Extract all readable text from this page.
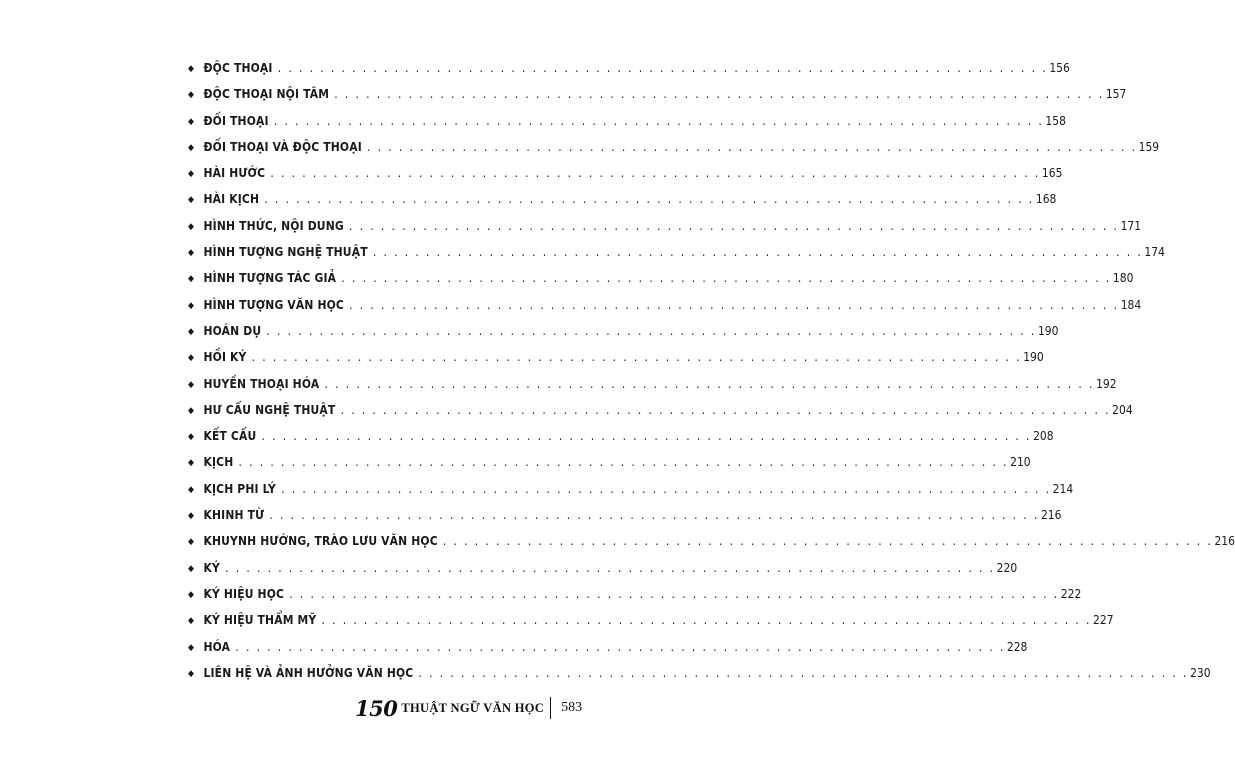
◆ ĐỘC THOẠI . . . . . . . . . . . . . . . . . . . . . . . . . . . . . . . . . . . . . . . . . . . . . . . . . . . . . . . . . . . . . . . . . . . . . . . . . 156
◆ ĐỘC THOẠI NỘI TÂM . . . . . . . . . . . . . . . . . . . . . . . . . . . . . . . . . . . . . . . . . . . . . . . . . . . . . . . . . . . . . . . . . . . . . . . . . 157
◆ ĐỐI THOẠI . . . . . . . . . . . . . . . . . . . . . . . . . . . . . . . . . . . . . . . . . . . . . . . . . . . . . . . . . . . . . . . . . . . . . . . . . 158
◆ ĐỐI THOẠI VÀ ĐỘC THOẠI . . . . . . . . . . . . . . . . . . . . . . . . . . . . . . . . . . . . . . . . . . . . . . . . . . . . . . . . . . . . . . . . . . . . . . . . . 159
◆ HÀI HƯỚC . . . . . . . . . . . . . . . . . . . . . . . . . . . . . . . . . . . . . . . . . . . . . . . . . . . . . . . . . . . . . . . . . . . . . . . . . 165
◆ HÀI KỊCH . . . . . . . . . . . . . . . . . . . . . . . . . . . . . . . . . . . . . . . . . . . . . . . . . . . . . . . . . . . . . . . . . . . . . . . . . 168
◆ HÌNH THỨC, NỘI DUNG . . . . . . . . . . . . . . . . . . . . . . . . . . . . . . . . . . . . . . . . . . . . . . . . . . . . . . . . . . . . . . . . . . . . . . . . . 171
◆ HÌNH TƯỢNG NGHỆ THUẬT . . . . . . . . . . . . . . . . . . . . . . . . . . . . . . . . . . . . . . . . . . . . . . . . . . . . . . . . . . . . . . . . . . . . . . . . . 174
◆ HÌNH TƯỢNG TÁC GIẢ . . . . . . . . . . . . . . . . . . . . . . . . . . . . . . . . . . . . . . . . . . . . . . . . . . . . . . . . . . . . . . . . . . . . . . . . . 180
◆ HÌNH TƯỢNG VĂN HỌC . . . . . . . . . . . . . . . . . . . . . . . . . . . . . . . . . . . . . . . . . . . . . . . . . . . . . . . . . . . . . . . . . . . . . . . . . 184
◆ HOÁN DỤ . . . . . . . . . . . . . . . . . . . . . . . . . . . . . . . . . . . . . . . . . . . . . . . . . . . . . . . . . . . . . . . . . . . . . . . . . 190
◆ HỒI KÝ . . . . . . . . . . . . . . . . . . . . . . . . . . . . . . . . . . . . . . . . . . . . . . . . . . . . . . . . . . . . . . . . . . . . . . . . . 190
◆ HUYỀN THOẠI HÓA . . . . . . . . . . . . . . . . . . . . . . . . . . . . . . . . . . . . . . . . . . . . . . . . . . . . . . . . . . . . . . . . . . . . . . . . . 192
◆ HƯ CẤU NGHỆ THUẬT . . . . . . . . . . . . . . . . . . . . . . . . . . . . . . . . . . . . . . . . . . . . . . . . . . . . . . . . . . . . . . . . . . . . . . . . . 204
◆ KẾT CẤU . . . . . . . . . . . . . . . . . . . . . . . . . . . . . . . . . . . . . . . . . . . . . . . . . . . . . . . . . . . . . . . . . . . . . . . . . 208
◆ KỊCH . . . . . . . . . . . . . . . . . . . . . . . . . . . . . . . . . . . . . . . . . . . . . . . . . . . . . . . . . . . . . . . . . . . . . . . . . 210
◆ KỊCH PHI LÝ . . . . . . . . . . . . . . . . . . . . . . . . . . . . . . . . . . . . . . . . . . . . . . . . . . . . . . . . . . . . . . . . . . . . . . . . . 214
◆ KHINH TỪ . . . . . . . . . . . . . . . . . . . . . . . . . . . . . . . . . . . . . . . . . . . . . . . . . . . . . . . . . . . . . . . . . . . . . . . . . 216
◆ KHUYNH HƯỚNG, TRÀO LƯU VĂN HỌC . . . . . . . . . . . . . . . . . . . . . . . . . . . . . . . . . . . . . . . . . . . . . . . . . . . . . . . . . . . . . . . . . . . . . . . . . 216
◆ KÝ . . . . . . . . . . . . . . . . . . . . . . . . . . . . . . . . . . . . . . . . . . . . . . . . . . . . . . . . . . . . . . . . . . . . . . . . . 220
◆ KÝ HIỆU HỌC . . . . . . . . . . . . . . . . . . . . . . . . . . . . . . . . . . . . . . . . . . . . . . . . . . . . . . . . . . . . . . . . . . . . . . . . . 222
◆ KÝ HIỆU THẨM MỸ . . . . . . . . . . . . . . . . . . . . . . . . . . . . . . . . . . . . . . . . . . . . . . . . . . . . . . . . . . . . . . . . . . . . . . . . . 227
◆ HÓA . . . . . . . . . . . . . . . . . . . . . . . . . . . . . . . . . . . . . . . . . . . . . . . . . . . . . . . . . . . . . . . . . . . . . . . . . 228
◆ LIÊN HỆ VÀ ẢNH HƯỞNG VĂN HỌC . . . . . . . . . . . . . . . . . . . . . . . . . . . . . . . . . . . . . . . . . . . . . . . . . . . . . . . . . . . . . . . . . . . . . . . . . 230
150 THUẬT NGỮ VĂN HỌC 583
